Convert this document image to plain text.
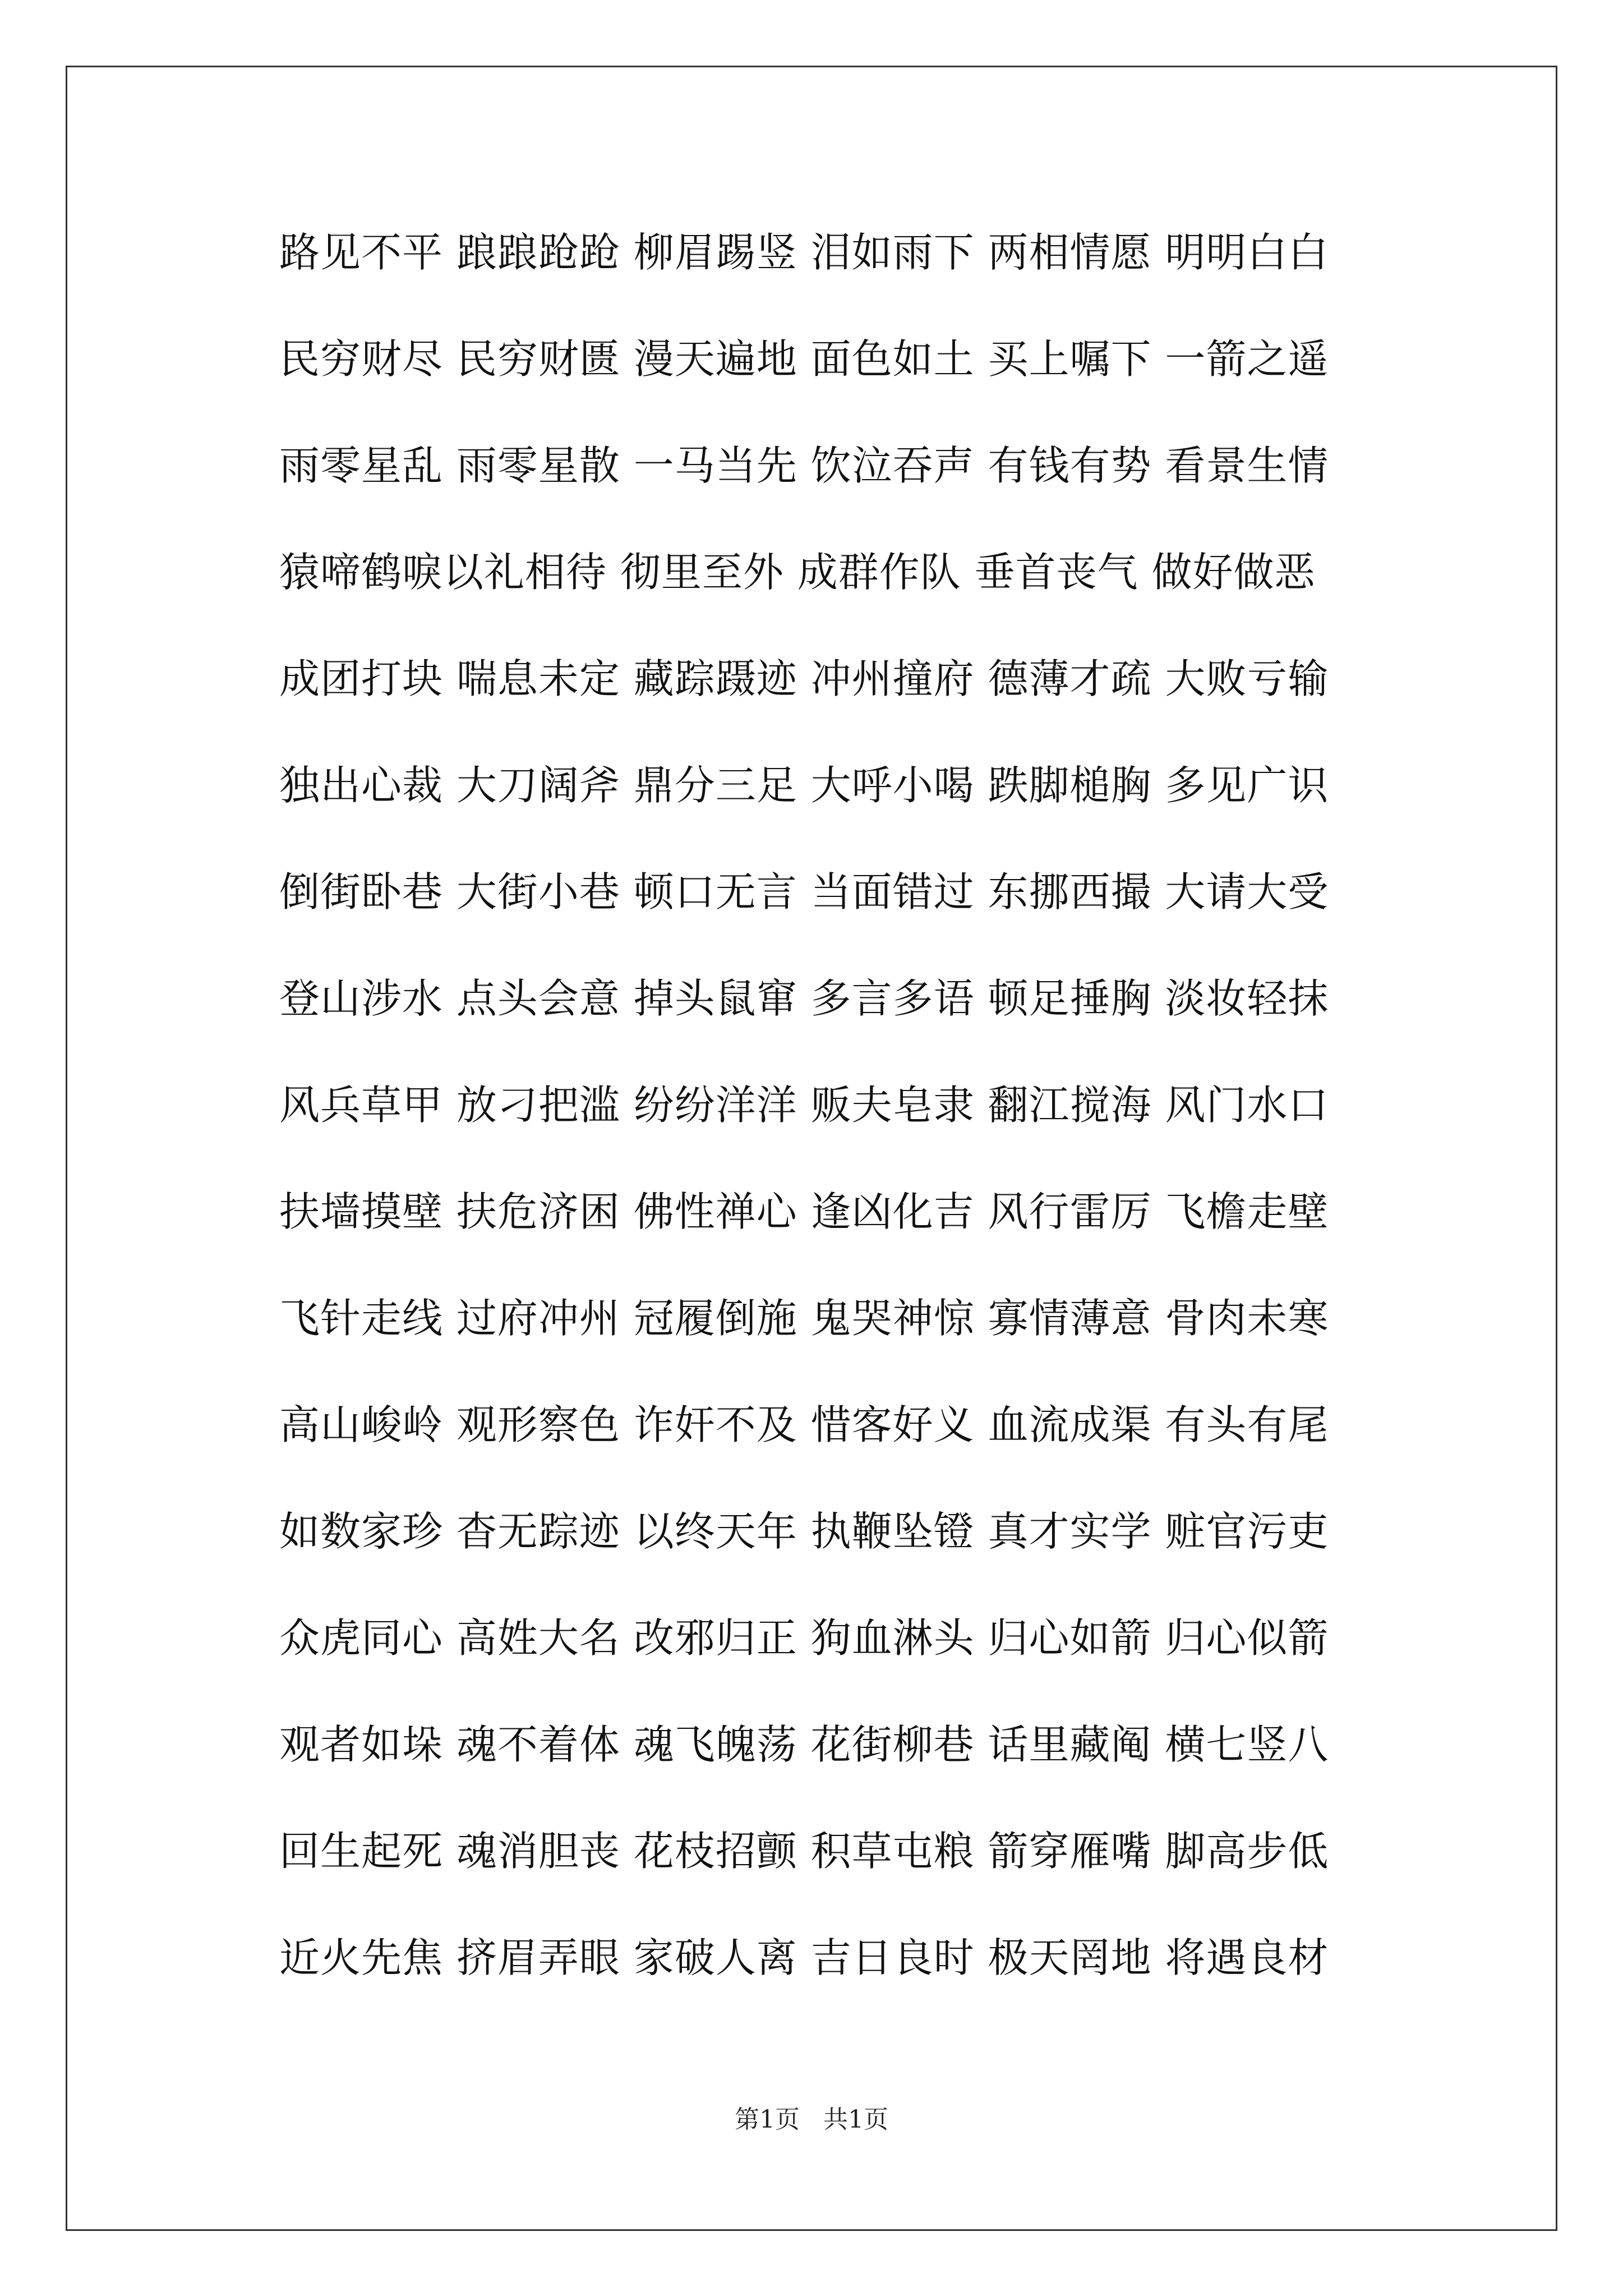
路见不平 踉踉跄跄 柳眉踢竖 泪如雨下 两相情愿 明明白白
民穷财尽 民穷财匮 漫天遍地 面色如土 买上嘱下 一箭之遥
雨零星乱 雨零星散 一马当先 饮泣吞声 有钱有势 看景生情
猿啼鹤唳以礼相待 彻里至外 成群作队 垂首丧气 做好做恶
成团打块 喘息未定 藏踪蹑迹 冲州撞府 德薄才疏 大败亏输
独出心裁 大刀阔斧 鼎分三足 大呼小喝 跌脚槌胸 多见广识
倒街卧巷 大街小巷 顿口无言 当面错过 东挪西撮 大请大受
登山涉水 点头会意 掉头鼠窜 多言多语 顿足捶胸 淡妆轻抹
风兵草甲 放刁把滥 纷纷洋洋 贩夫皂隶 翻江搅海 风门水口
扶墙摸壁 扶危济困 佛性禅心 逢凶化吉 风行雷厉 飞檐走壁
飞针走线 过府冲州 冠履倒施 鬼哭神惊 寡情薄意 骨肉未寒
高山峻岭 观形察色 诈奸不及 惜客好义 血流成渠 有头有尾
如数家珍 杳无踪迹 以终天年 执鞭坠镫 真才实学 赃官污吏
众虎同心 高姓大名 改邪归正 狗血淋头 归心如箭 归心似箭
观者如垛 魂不着体 魂飞魄荡 花街柳巷 话里藏阄 横七竖八
回生起死 魂消胆丧 花枝招颤 积草屯粮 箭穿雁嘴 脚高步低
近火先焦 挤眉弄眼 家破人离 吉日良时 极天罔地 将遇良材
第1页   共1页
